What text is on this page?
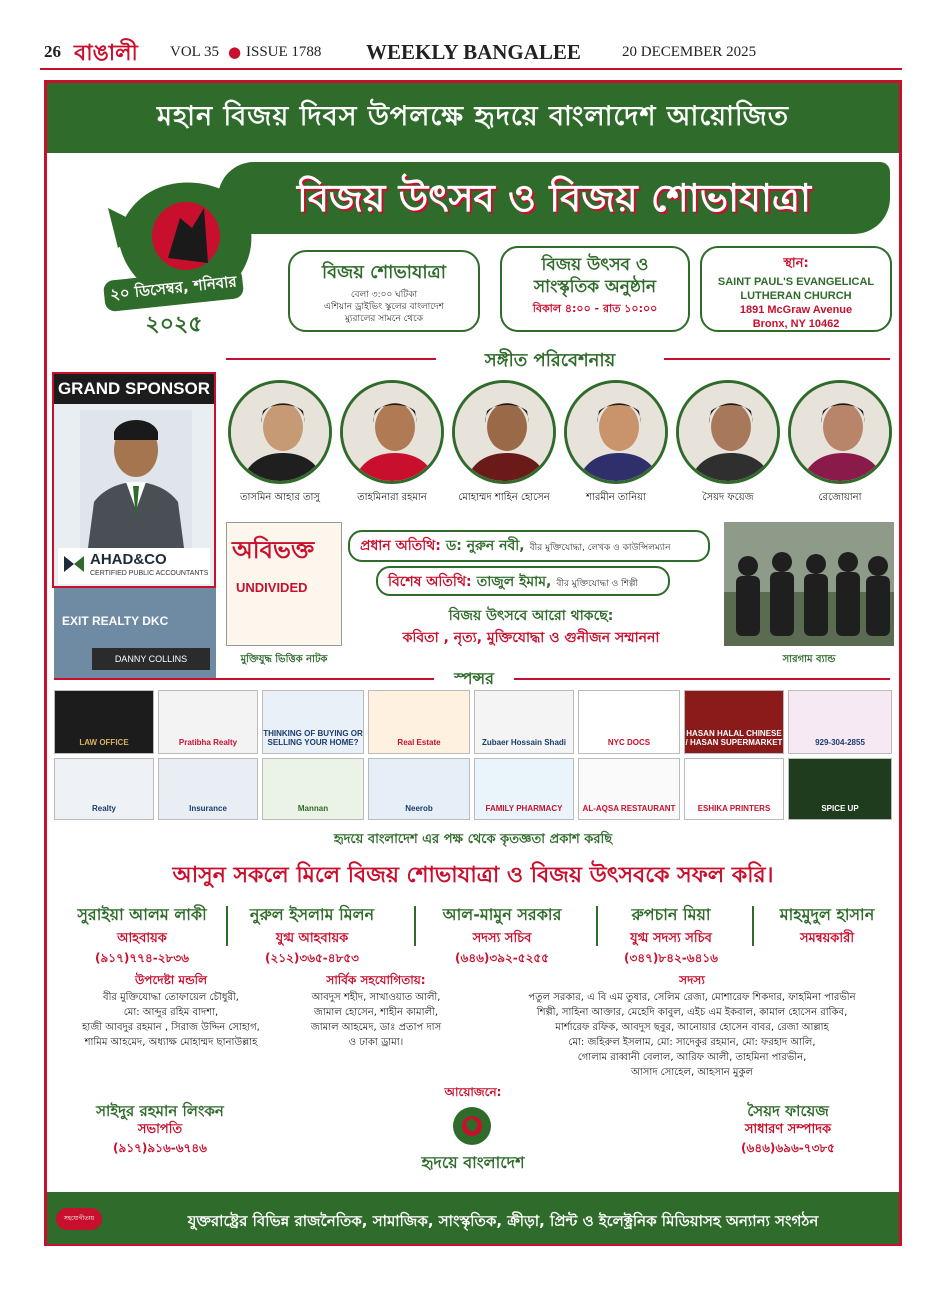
26 বাঙালী VOL 35 ● ISSUE 1788 WEEKLY BANGALEE	20 DECEMBER 2025
মহান বিজয় দিবস উপলক্ষে হৃদয়ে বাংলাদেশ আয়োজিত
২০ ডিসেম্বর, শনিবার
২০২৫
বিজয় উৎসব ও বিজয় শোভাযাত্রা
বিজয় শোভাযাত্রা
বেলা ৩:০০ ঘটিকা
এশিয়ান ড্রাইভিং স্কুলের বাংলাদেশ
ম্যুরালের সামনে থেকে
বিজয় উৎসব ও
সাংস্কৃতিক অনুষ্ঠান
বিকাল ৪:০০ - রাত ১০:০০
স্থান:
SAINT PAUL'S EVANGELICAL
LUTHERAN CHURCH
1891 McGraw Avenue
Bronx, NY 10462
সঙ্গীত পরিবেশনায়
GRAND SPONSOR
AHAD&CO
CERTIFIED PUBLIC ACCOUNTANTS
EXIT REALTY DKC
DANNY COLLINS
তাসমিন আহার তাসু	তাহমিনারা রহমান	মোহাম্মদ শাহিন হোসেন	শারমীন তানিয়া	সৈয়দ ফয়েজ	রেজোয়ানা
অবিভক্ত
UNDIVIDED
মুক্তিযুদ্ধ ভিত্তিক নাটক
প্রধান অতিথি: ড: নুরুন নবী, বীর মুক্তিযোদ্ধা, লেখক ও কাউন্সিলম্যান
বিশেষ অতিথি: তাজুল ইমাম, বীর মুক্তিযোদ্ধা ও শিল্পী
বিজয় উৎসবে আরো থাকছে:
কবিতা , নৃত্য, মুক্তিযোদ্ধা ও গুনীজন সম্মাননা
সারগাম ব্যান্ড
স্পন্সর
LAW OFFICE	Pratibha Realty
THINKING OF BUYING OR SELLING YOUR HOME?	Real Estate	Zubaer Hossain Shadi	NYC DOCS
HASAN HALAL CHINESE / HASAN SUPERMARKET	929-304-2855
Realty	Insurance	Mannan	Neerob	FAMILY PHARMACY	AL-AQSA RESTAURANT	ESHIKA PRINTERS	SPICE UP
হৃদয়ে বাংলাদেশ এর পক্ষ থেকে কৃতজ্ঞতা প্রকাশ করছি
আসুন সকলে মিলে বিজয় শোভাযাত্রা ও বিজয় উৎসবকে সফল করি।
সুরাইয়া আলম লাকী
আহবায়ক
(৯১৭)৭৭৪-২৮৩৬
নুরুল ইসলাম মিলন
যুগ্ম আহবায়ক
(২১২)৩৬৫-৪৮৫৩
আল-মামুন সরকার
সদস্য সচিব
(৬৪৬)৩৯২-৫২৫৫
রুপচান মিয়া
যুগ্ম সদস্য সচিব
(৩৪৭)৮৪২-৬৪১৬
মাহমুদুল হাসান
সমন্বয়কারী
উপদেষ্টা মন্ডলি
বীর মুক্তিযোদ্ধা তোফায়েল চৌধুরী,
মো: আব্দুর রহিম বাদশা,
হাজী আবদুর রহমান , সিরাজ উদ্দিন সোহাগ,
শামিম আহমেদ, অধ্যাক্ষ মোহাম্মদ ছানাউল্লাহ
সার্বিক সহযোগিতায়:
আবদুস শহীদ, সাখাওয়াত আলী,
জামাল হোসেন, শাহীন কামালী,
জামাল আহমেদ, ডাঃ প্রতাপ দাস
ও ঢাকা ড্রামা।
সদস্য
পতুল সরকার, এ বি এম তুষার, সেলিম রেজা, মোশারেফ শিকদার, ফাহমিনা পারভীন
শিল্পী, সাহিনা আক্তার, মেহেদি কাবুল, এইচ এম ইকবাল, কামাল হোসেন রাকিব,
মার্শারেফ রফিক, আবদুস ছবুর, আনোয়ার হোসেন বাবর, রেজা আল্লাহ
মো: জহিরুল ইসলাম, মো: সাদেকুর রহমান, মো: ফরহাদ আলি,
গোলাম রাব্বানী বেলাল, আরিফ আলী, তাহমিনা পারভীন,
আসাদ সোহেল, আহসান মুকুল
সাইদুর রহমান লিংকন
সভাপতি
(৯১৭)৯১৬-৬৭৪৬
আয়োজনে:
হৃদয়ে বাংলাদেশ
সৈয়দ ফায়েজ
সাধারণ সম্পাদক
(৬৪৬)৬৯৬-৭৩৮৫
সহযোগীতায়	যুক্তরাষ্ট্রের বিভিন্ন রাজনৈতিক, সামাজিক, সাংস্কৃতিক, ক্রীড়া, প্রিন্ট ও ইলেক্ট্রনিক মিডিয়াসহ অন্যান্য সংগঠন
